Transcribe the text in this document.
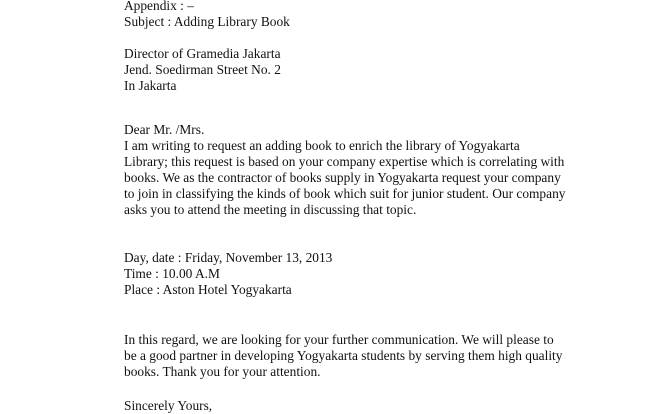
Appendix : –
Subject : Adding Library Book
Director of Gramedia Jakarta
Jend. Soedirman Street No. 2
In Jakarta
Dear Mr. /Mrs.
I am writing to request an adding book to enrich the library of Yogyakarta
Library; this request is based on your company expertise which is correlating with
books. We as the contractor of books supply in Yogyakarta request your company
to join in classifying the kinds of book which suit for junior student. Our company
asks you to attend the meeting in discussing that topic.
Day, date : Friday, November 13, 2013
Time : 10.00 A.M
Place : Aston Hotel Yogyakarta
In this regard, we are looking for your further communication. We will please to
be a good partner in developing Yogyakarta students by serving them high quality
books. Thank you for your attention.
Sincerely Yours,
